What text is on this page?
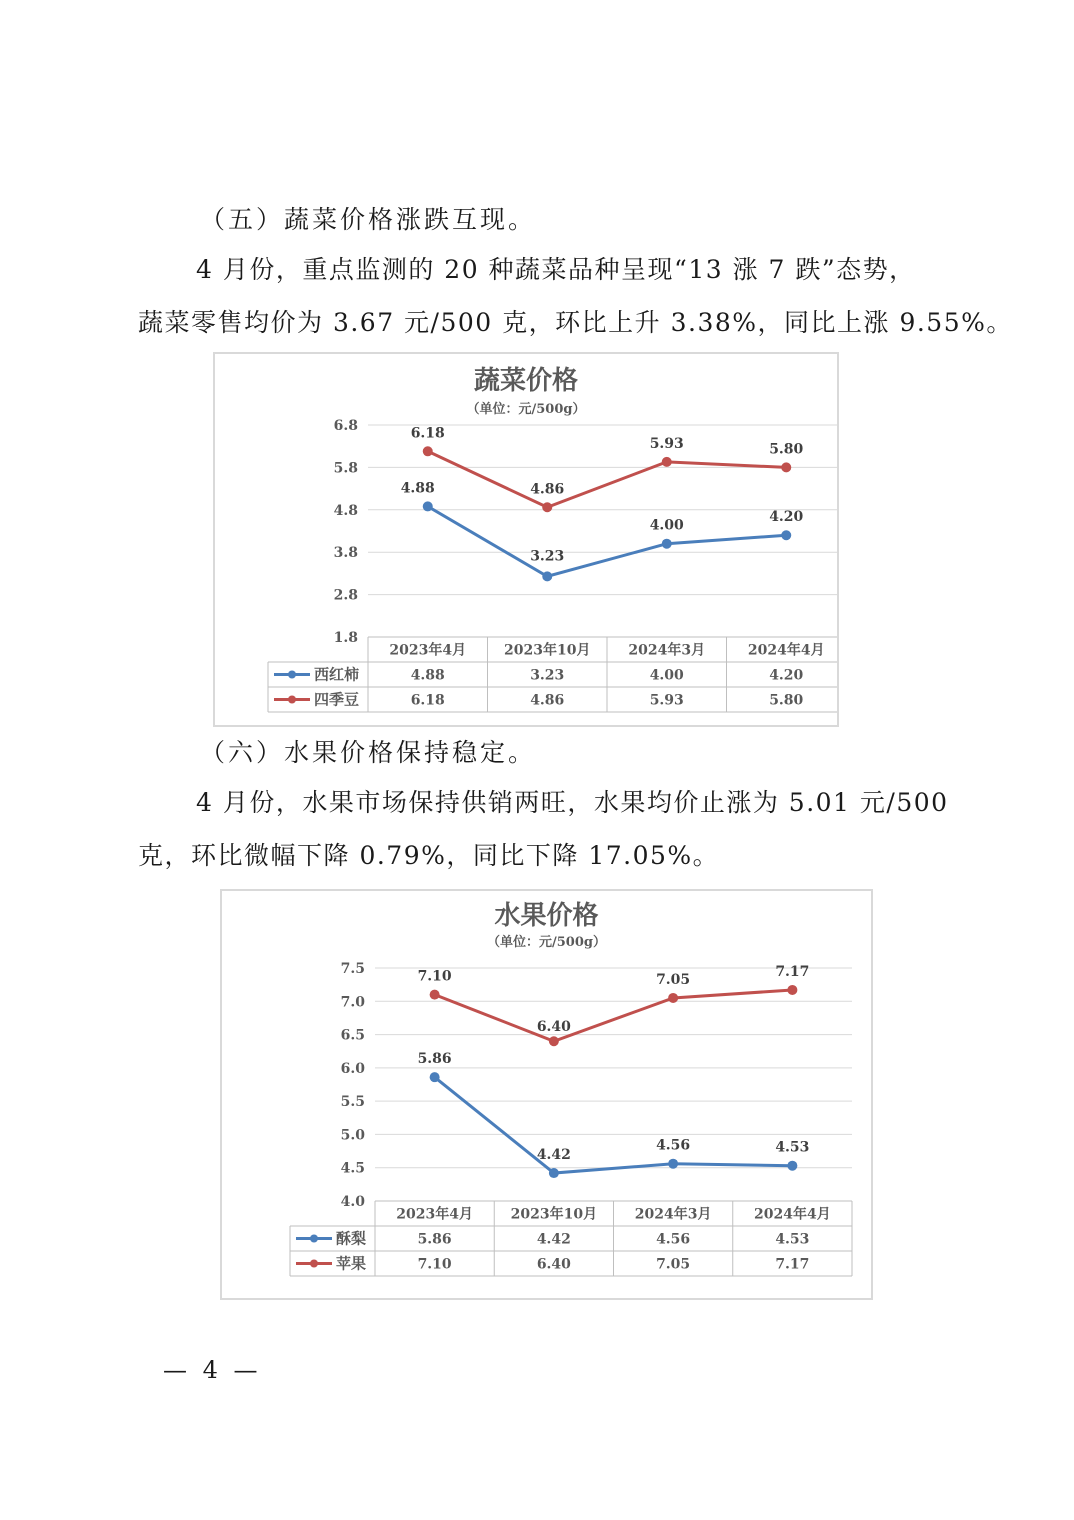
（五）蔬菜价格涨跌互现。

4 月份，重点监测的 20 种蔬菜品种呈现“13 涨 7 跌”态势，

蔬菜零售均价为 3.67 元/500 克，环比上升 3.38%，同比上涨 9.55%。

蔬菜价格
（单位：元/500g）
1.8
2.8
3.8
4.8
5.8
6.8
2023年4月	2023年10月	2024年3月	2024年4月
西红柿	4.88	3.23	4.00	4.20
4.88
3.23
4.00
4.20
四季豆	6.18	4.86	5.93	5.80
6.18
4.86
5.93	5.80

（六）水果价格保持稳定。

4 月份，水果市场保持供销两旺，水果均价止涨为 5.01 元/500

克，环比微幅下降 0.79%，同比下降 17.05%。

水果价格
（单位：元/500g）
4.0
4.5
5.0
5.5
6.0
6.5
7.0
7.5
2023年4月	2023年10月	2024年3月	2024年4月
酥梨	5.86	4.42	4.56	4.53
5.86
4.42
4.56	4.53
苹果	7.10	6.40	7.05	7.17
7.10
6.40
7.05	7.17
— 4 —
